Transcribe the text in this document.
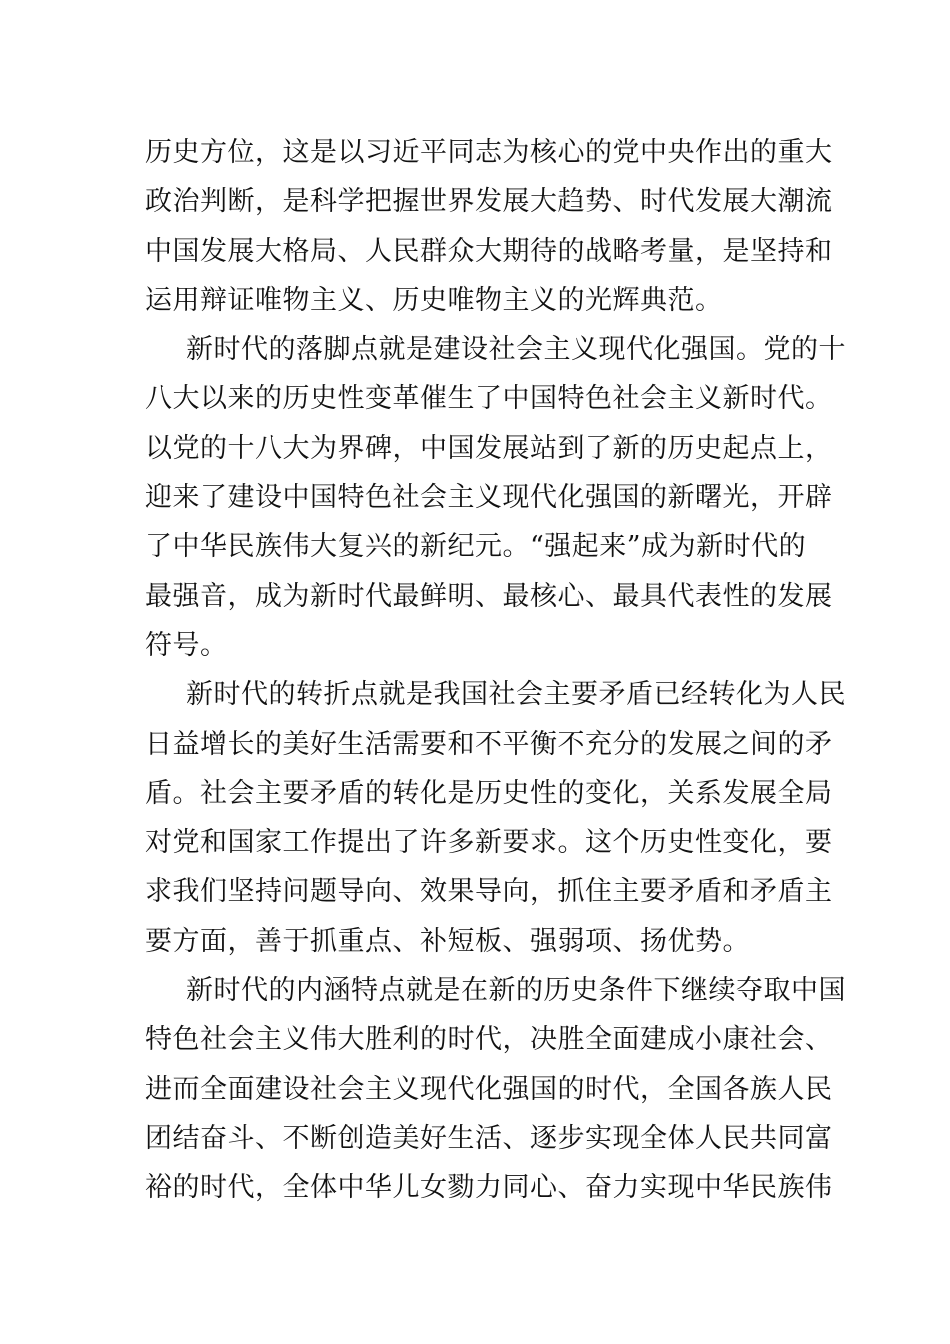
历史方位，这是以习近平同志为核心的党中央作出的重大
政治判断，是科学把握世界发展大趋势、时代发展大潮流
中国发展大格局、人民群众大期待的战略考量，是坚持和
运用辩证唯物主义、历史唯物主义的光辉典范。
新时代的落脚点就是建设社会主义现代化强国。党的十
八大以来的历史性变革催生了中国特色社会主义新时代。
以党的十八大为界碑，中国发展站到了新的历史起点上，
迎来了建设中国特色社会主义现代化强国的新曙光，开辟
了中华民族伟大复兴的新纪元。“强起来”成为新时代的
最强音，成为新时代最鲜明、最核心、最具代表性的发展
符号。
新时代的转折点就是我国社会主要矛盾已经转化为人民
日益增长的美好生活需要和不平衡不充分的发展之间的矛
盾。社会主要矛盾的转化是历史性的变化，关系发展全局
对党和国家工作提出了许多新要求。这个历史性变化，要
求我们坚持问题导向、效果导向，抓住主要矛盾和矛盾主
要方面，善于抓重点、补短板、强弱项、扬优势。
新时代的内涵特点就是在新的历史条件下继续夺取中国
特色社会主义伟大胜利的时代，决胜全面建成小康社会、
进而全面建设社会主义现代化强国的时代，全国各族人民
团结奋斗、不断创造美好生活、逐步实现全体人民共同富
裕的时代，全体中华儿女勠力同心、奋力实现中华民族伟
